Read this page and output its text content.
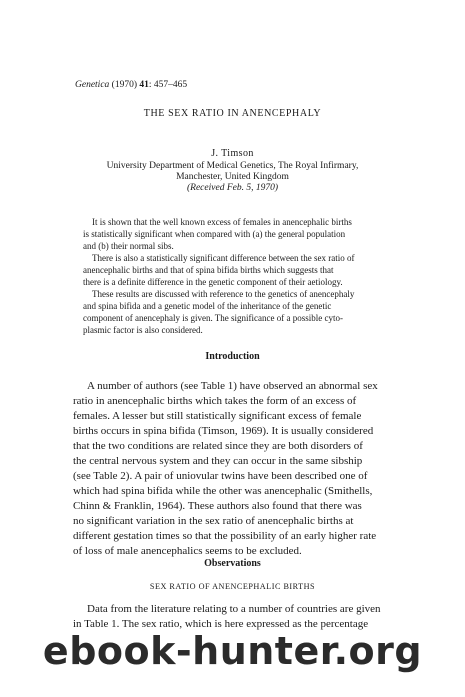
Genetica (1970) 41: 457–465
THE SEX RATIO IN ANENCEPHALY
J. Timson
University Department of Medical Genetics, The Royal Infirmary,
Manchester, United Kingdom
(Received Feb. 5, 1970)
It is shown that the well known excess of females in anencephalic births
is statistically significant when compared with (a) the general population
and (b) their normal sibs.
There is also a statistically significant difference between the sex ratio of
anencephalic births and that of spina bifida births which suggests that
there is a definite difference in the genetic component of their aetiology.
These results are discussed with reference to the genetics of anencephaly
and spina bifida and a genetic model of the inheritance of the genetic
component of anencephaly is given. The significance of a possible cyto-
plasmic factor is also considered.
Introduction
A number of authors (see Table 1) have observed an abnormal sex
ratio in anencephalic births which takes the form of an excess of
females. A lesser but still statistically significant excess of female
births occurs in spina bifida (Timson, 1969). It is usually considered
that the two conditions are related since they are both disorders of
the central nervous system and they can occur in the same sibship
(see Table 2). A pair of uniovular twins have been described one of
which had spina bifida while the other was anencephalic (Smithells,
Chinn & Franklin, 1964). These authors also found that there was
no significant variation in the sex ratio of anencephalic births at
different gestation times so that the possibility of an early higher rate
of loss of male anencephalics seems to be excluded.
Observations
SEX RATIO OF ANENCEPHALIC BIRTHS
Data from the literature relating to a number of countries are given
in Table 1. The sex ratio, which is here expressed as the percentage
ebook-hunter.org
